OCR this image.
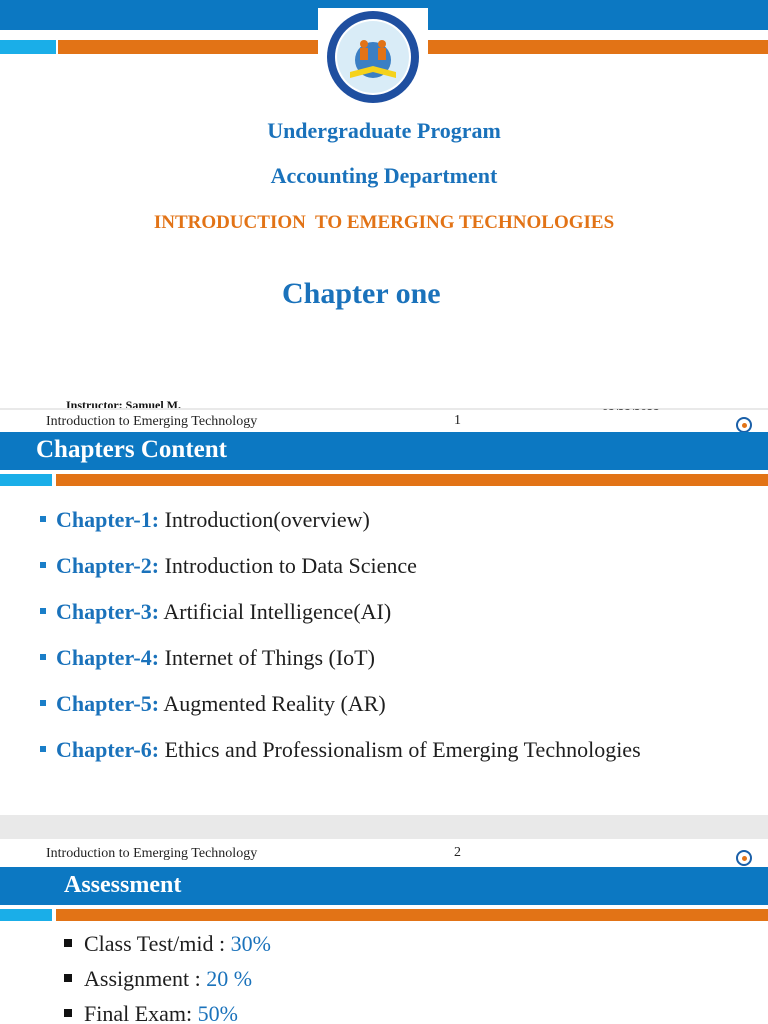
Undergraduate Program
Accounting Department
INTRODUCTION  TO EMERGING TECHNOLOGIES
Chapter one
Instructor: Samuel M.
Introduction to Emerging Technology	1
Chapters Content
Chapter-1: Introduction(overview)
Chapter-2: Introduction to Data Science
Chapter-3: Artificial Intelligence(AI)
Chapter-4: Internet of Things (IoT)
Chapter-5: Augmented Reality (AR)
Chapter-6: Ethics and Professionalism of Emerging Technologies
Introduction to Emerging Technology	2
Assessment
Class Test/mid : 30%
Assignment : 20 %
Final Exam: 50%
